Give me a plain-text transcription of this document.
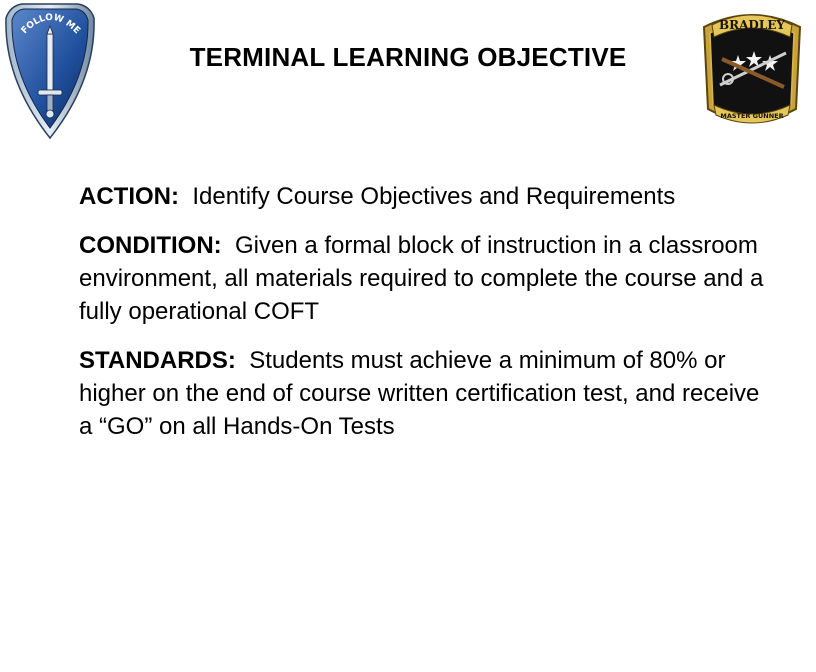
FOLLOW ME	BRADLEY
MASTER GUNNER
TERMINAL LEARNING OBJECTIVE

ACTION: Identify Course Objectives and Requirements

CONDITION: Given a formal block of instruction in a classroom environment, all materials required to complete the course and a fully operational COFT

STANDARDS: Students must achieve a minimum of 80% or higher on the end of course written certification test, and receive a “GO” on all Hands-On Tests
